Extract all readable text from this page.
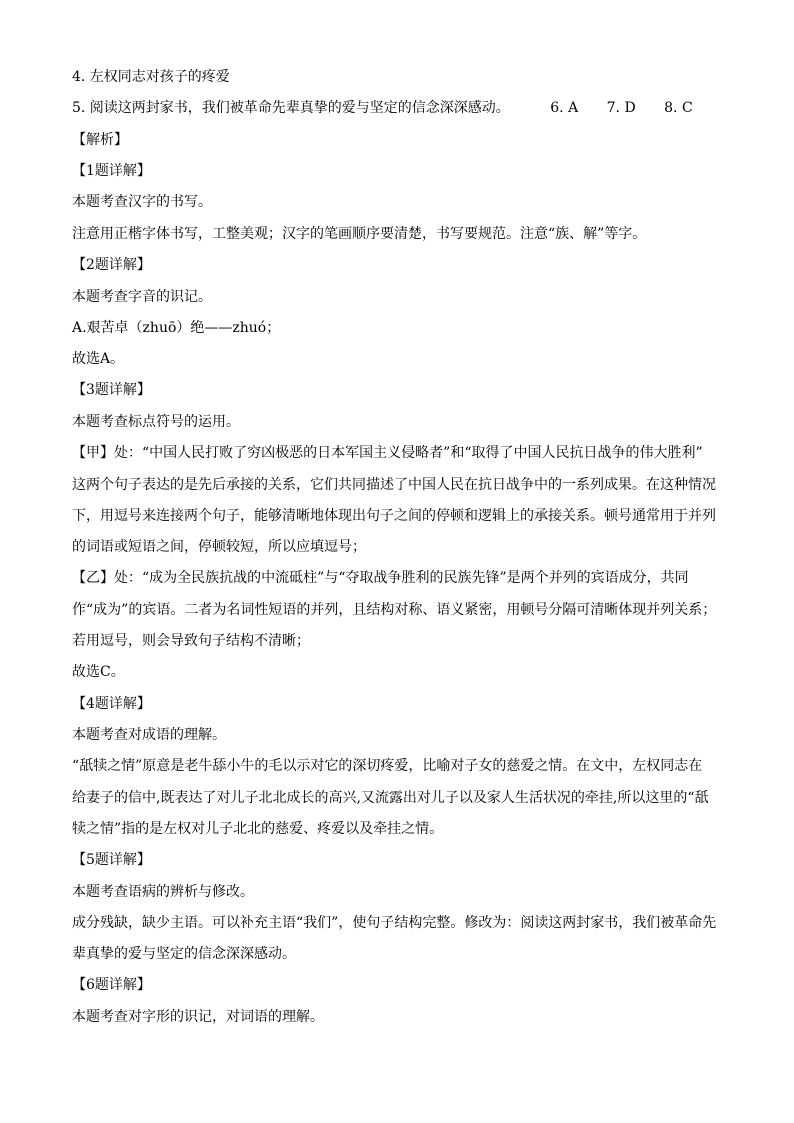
4. 左权同志对孩子的疼爱
5. 阅读这两封家书，我们被革命先辈真挚的爱与坚定的信念深深感动。	6. A 7. D 8. C
【解析】
【1题详解】
本题考查汉字的书写。
注意用正楷字体书写，工整美观；汉字的笔画顺序要清楚，书写要规范。注意“族、解”等字。
【2题详解】
本题考查字音的识记。
A.艰苦卓（zhuō）绝——zhuó；
故选A。
【3题详解】
本题考查标点符号的运用。
【甲】处：“中国人民打败了穷凶极恶的日本军国主义侵略者”和“取得了中国人民抗日战争的伟大胜利”
这两个句子表达的是先后承接的关系，它们共同描述了中国人民在抗日战争中的一系列成果。在这种情况
下，用逗号来连接两个句子，能够清晰地体现出句子之间的停顿和逻辑上的承接关系。顿号通常用于并列
的词语或短语之间，停顿较短，所以应填逗号；
【乙】处：“成为全民族抗战的中流砥柱”与“夺取战争胜利的民族先锋”是两个并列的宾语成分，共同
作“成为”的宾语。二者为名词性短语的并列，且结构对称、语义紧密，用顿号分隔可清晰体现并列关系；
若用逗号，则会导致句子结构不清晰；
故选C。
【4题详解】
本题考查对成语的理解。
“舐犊之情”原意是老牛舔小牛的毛以示对它的深切疼爱，比喻对子女的慈爱之情。在文中，左权同志在
给妻子的信中,既表达了对儿子北北成长的高兴,又流露出对儿子以及家人生活状况的牵挂,所以这里的“舐
犊之情”指的是左权对儿子北北的慈爱、疼爱以及牵挂之情。
【5题详解】
本题考查语病的辨析与修改。
成分残缺，缺少主语。可以补充主语“我们”，使句子结构完整。修改为：阅读这两封家书，我们被革命先
辈真挚的爱与坚定的信念深深感动。
【6题详解】
本题考查对字形的识记，对词语的理解。
